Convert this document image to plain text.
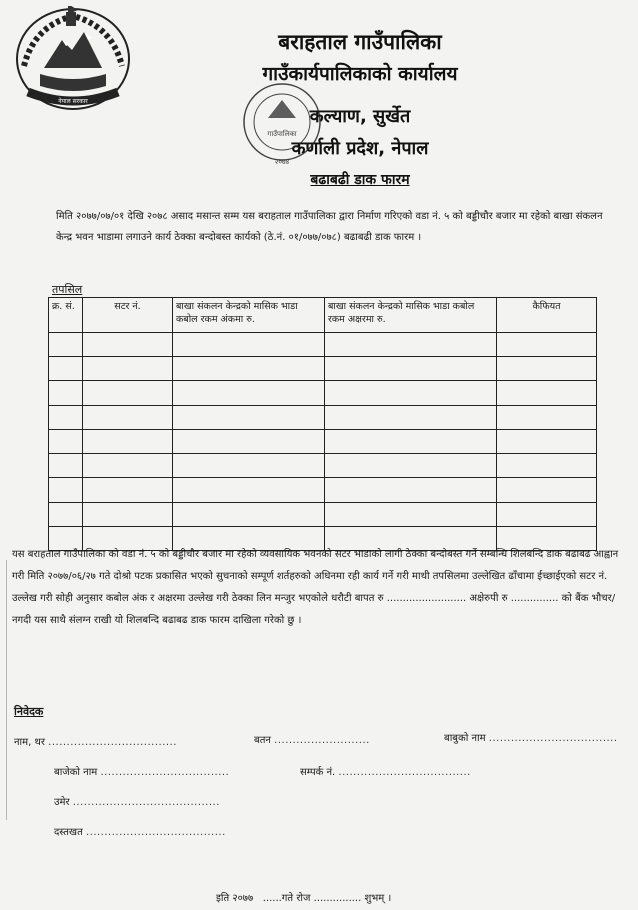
नेपाल सरकार
बराहताल गाउँपालिका
गाउँकार्यपालिकाको कार्यालय
कल्याण, सुर्खेत
कर्णाली प्रदेश, नेपाल
बढाबढी डाक फारम
गाउँपालिका
२०७४
मिति २०७७/०७/०१ देखि २०७८ असाद मसान्त सम्म यस बराहताल गाउँपालिका द्वारा निर्माण गरिएको वडा नं. ५ को बड्डीचौर बजार मा रहेको बाखा संकलन केन्द्र भवन भाडामा लगाउने कार्य ठेक्का बन्दोबस्त कार्यको (ठे.नं. ०१/०७७/०७८) बढाबढी डाक फारम ।
तपसिल
क्र. सं.	सटर नं.	बाखा संकलन केन्द्रको मासिक भाडा कबोल रकम अंकमा रु.	बाखा संकलन केन्द्रको मासिक भाडा कबोल रकम अक्षरमा रु.	कैफियत

यस बराहताल गाउँपालिका को वडा नं. ५ को बड्डीचौर बजार मा रहेको व्यवसायिक भवनको सटर भाडाको लागी ठेक्का बन्दोबस्त गर्ने सम्बन्धि शिलबन्दि डाक बढाबढ आह्वान गरी मिति २०७७/०६/२७ गते दोश्रो पटक प्रकासित भएको सुचनाको सम्पूर्ण शर्तहरुको अधिनमा रही कार्य गर्ने गरी माथी तपसिलमा उल्लेखित ढाँचामा ईच्छाईएको सटर नं. उल्लेख गरी सोही अनुसार कबोल अंक र अक्षरमा उल्लेख गरी ठेक्का लिन मन्जुर भएकोले धरौटी बापत रु ......................... अक्षेरुपी रु ............... को बैंक भौचर/नगदी यस साथै संलग्न राखी यो शिलबन्दि बढाबढ डाक फारम दाखिला गरेको छु ।
निवेदक
नाम, थर ...................................	बतन ..........................	बाबुको नाम ...................................
बाजेको नाम ...................................	सम्पर्क नं. ....................................
उमेर ........................................
दस्तखत ......................................
इति २०७७ ......गते रोज ............... शुभम् ।
